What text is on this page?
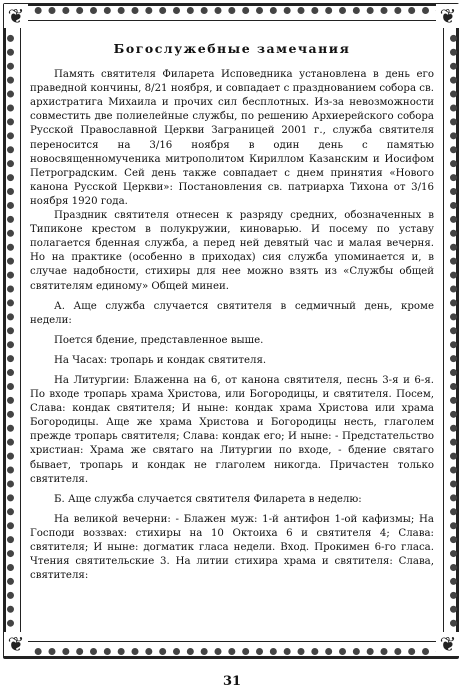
❦	❦
❦	❦
Богослужебные замечания

Память святителя Филарета Исповедника установлена в день его праведной кончины, 8/21 ноября, и совпадает с празднованием собора св. архистратига Михаила и прочих сил бесплотных. Из-за невозможности совместить две полиелейные службы, по решению Архиерейского собора Русской Православной Церкви Заграницей 2001 г., служба святителя переносится на 3/16 ноября в один день с памятью новосвященномученика митрополитом Кириллом Казанским и Иосифом Петроградским. Сей день также совпадает с днем принятия «Нового канона Русской Церкви»: Постановления св. патриарха Тихона от 3/16 ноября 1920 года.

Праздник святителя отнесен к разряду средних, обозначенных в Типиконе крестом в полукружии, киноварью. И посему по уставу полагается бденная служба, а перед ней девятый час и малая вечерня. Но на практике (особенно в приходах) сия служба упоминается и, в случае надобности, стихиры для нее можно взять из «Службы общей святителям единому» Общей минеи.

А. Аще служба случается святителя в седмичный день, кроме недели:

Поется бдение, представленное выше.

На Часах: тропарь и кондак святителя.

На Литургии: Блаженна на 6, от канона святителя, песнь 3-я и 6-я. По входе тропарь храма Христова, или Богородицы, и святителя. Посем, Слава: кондак святителя; И ныне: кондак храма Христова или храма Богородицы. Аще же храма Христова и Богородицы несть, глаголем прежде тропарь святителя; Слава: кондак его; И ныне: - Предстательство христиан: Храма же святаго на Литургии по входе, - бдение святаго бывает, тропарь и кондак не глаголем никогда. Причастен только святителя.

Б. Аще служба случается святителя Филарета в неделю:

На великой вечерни: - Блажен муж: 1-й антифон 1-ой кафизмы; На Господи воззвах: стихиры на 10 Октоиха 6 и святителя 4; Слава: святителя; И ныне: догматик гласа недели. Вход. Прокимен 6-го гласа. Чтения святительские 3. На литии стихира храма и святителя: Слава, святителя:

31
